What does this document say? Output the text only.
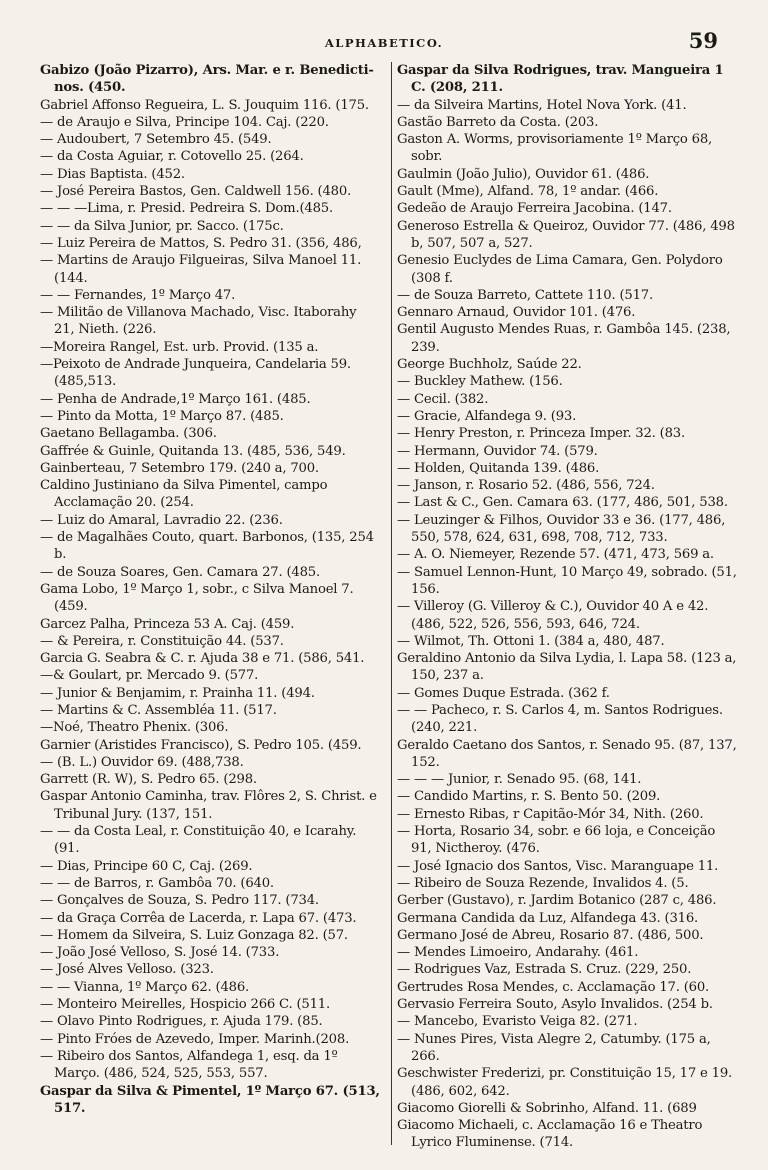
ALPHABETICO.	59
Gabizo (João Pizarro), Ars. Mar. e r. Benedicti-nos. (450.
Gabriel Affonso Regueira, L. S. Jouquim 116. (175.
— de Araujo e Silva, Principe 104. Caj. (220.
— Audoubert, 7 Setembro 45. (549.
— da Costa Aguiar, r. Cotovello 25. (264.
— Dias Baptista. (452.
— José Pereira Bastos, Gen. Caldwell 156. (480.
— — —Lima, r. Presid. Pedreira S. Dom.(485.
— — da Silva Junior, pr. Sacco. (175c.
— Luiz Pereira de Mattos, S. Pedro 31. (356, 486,
— Martins de Araujo Filgueiras, Silva Manoel 11. (144.
— — Fernandes, 1º Março 47.
— Militão de Villanova Machado, Visc. Itaborahy 21, Nieth. (226.
—Moreira Rangel, Est. urb. Provid. (135 a.
—Peixoto de Andrade Junqueira, Candelaria 59. (485,513.
— Penha de Andrade,1º Março 161. (485.
— Pinto da Motta, 1º Março 87. (485.
Gaetano Bellagamba. (306.
Gaffrée & Guinle, Quitanda 13. (485, 536, 549.
Gainberteau, 7 Setembro 179. (240 a, 700.
Caldino Justiniano da Silva Pimentel, campo Acclamação 20. (254.
— Luiz do Amaral, Lavradio 22. (236.
— de Magalhães Couto, quart. Barbonos, (135, 254 b.
— de Souza Soares, Gen. Camara 27. (485.
Gama Lobo, 1º Março 1, sobr., c Silva Manoel 7. (459.
Garcez Palha, Princeza 53 A. Caj. (459.
— & Pereira, r. Constituição 44. (537.
Garcia G. Seabra & C. r. Ajuda 38 e 71. (586, 541.
—& Goulart, pr. Mercado 9. (577.
— Junior & Benjamim, r. Prainha 11. (494.
— Martins & C. Assembléa 11. (517.
—Noé, Theatro Phenix. (306.
Garnier (Aristides Francisco), S. Pedro 105. (459.
— (B. L.) Ouvidor 69. (488,738.
Garrett (R. W), S. Pedro 65. (298.
Gaspar Antonio Caminha, trav. Flôres 2, S. Christ. e Tribunal Jury. (137, 151.
— — da Costa Leal, r. Constituição 40, e Icarahy. (91.
— Dias, Principe 60 C, Caj. (269.
— — de Barros, r. Gambôa 70. (640.
— Gonçalves de Souza, S. Pedro 117. (734.
— da Graça Corrêa de Lacerda, r. Lapa 67. (473.
— Homem da Silveira, S. Luiz Gonzaga 82. (57.
— João José Velloso, S. José 14. (733.
— José Alves Velloso. (323.
— — Vianna, 1º Março 62. (486.
— Monteiro Meirelles, Hospicio 266 C. (511.
— Olavo Pinto Rodrigues, r. Ajuda 179. (85.
— Pinto Fróes de Azevedo, Imper. Marinh.(208.
— Ribeiro dos Santos, Alfandega 1, esq. da 1º Março. (486, 524, 525, 553, 557.
Gaspar da Silva & Pimentel, 1º Março 67. (513, 517.
Gaspar da Silva Rodrigues, trav. Mangueira 1 C. (208, 211.
— da Silveira Martins, Hotel Nova York. (41.
Gastão Barreto da Costa. (203.
Gaston A. Worms, provisoriamente 1º Março 68, sobr.
Gaulmin (João Julio), Ouvidor 61. (486.
Gault (Mme), Alfand. 78, 1º andar. (466.
Gedeão de Araujo Ferreira Jacobina. (147.
Generoso Estrella & Queiroz, Ouvidor 77. (486, 498 b, 507, 507 a, 527.
Genesio Euclydes de Lima Camara, Gen. Polydoro (308 f.
— de Souza Barreto, Cattete 110. (517.
Gennaro Arnaud, Ouvidor 101. (476.
Gentil Augusto Mendes Ruas, r. Gambôa 145. (238, 239.
George Buchholz, Saúde 22.
— Buckley Mathew. (156.
— Cecil. (382.
— Gracie, Alfandega 9. (93.
— Henry Preston, r. Princeza Imper. 32. (83.
— Hermann, Ouvidor 74. (579.
— Holden, Quitanda 139. (486.
— Janson, r. Rosario 52. (486, 556, 724.
— Last & C., Gen. Camara 63. (177, 486, 501, 538.
— Leuzinger & Filhos, Ouvidor 33 e 36. (177, 486, 550, 578, 624, 631, 698, 708, 712, 733.
— A. O. Niemeyer, Rezende 57. (471, 473, 569 a.
— Samuel Lennon-Hunt, 10 Março 49, sobrado. (51, 156.
— Villeroy (G. Villeroy & C.), Ouvidor 40 A e 42. (486, 522, 526, 556, 593, 646, 724.
— Wilmot, Th. Ottoni 1. (384 a, 480, 487.
Geraldino Antonio da Silva Lydia, l. Lapa 58. (123 a, 150, 237 a.
— Gomes Duque Estrada. (362 f.
— — Pacheco, r. S. Carlos 4, m. Santos Rodrigues. (240, 221.
Geraldo Caetano dos Santos, r. Senado 95. (87, 137, 152.
— — — Junior, r. Senado 95. (68, 141.
— Candido Martins, r. S. Bento 50. (209.
— Ernesto Ribas, r Capitão-Mór 34, Nith. (260.
— Horta, Rosario 34, sobr. e 66 loja, e Conceição 91, Nictheroy. (476.
— José Ignacio dos Santos, Visc. Maranguape 11.
— Ribeiro de Souza Rezende, Invalidos 4. (5.
Gerber (Gustavo), r. Jardim Botanico (287 c, 486.
Germana Candida da Luz, Alfandega 43. (316.
Germano José de Abreu, Rosario 87. (486, 500.
— Mendes Limoeiro, Andarahy. (461.
— Rodrigues Vaz, Estrada S. Cruz. (229, 250.
Gertrudes Rosa Mendes, c. Acclamação 17. (60.
Gervasio Ferreira Souto, Asylo Invalidos. (254 b.
— Mancebo, Evaristo Veiga 82. (271.
— Nunes Pires, Vista Alegre 2, Catumby. (175 a, 266.
Geschwister Frederizi, pr. Constituição 15, 17 e 19. (486, 602, 642.
Giacomo Giorelli & Sobrinho, Alfand. 11. (689
Giacomo Michaeli, c. Acclamação 16 e Theatro Lyrico Fluminense. (714.
